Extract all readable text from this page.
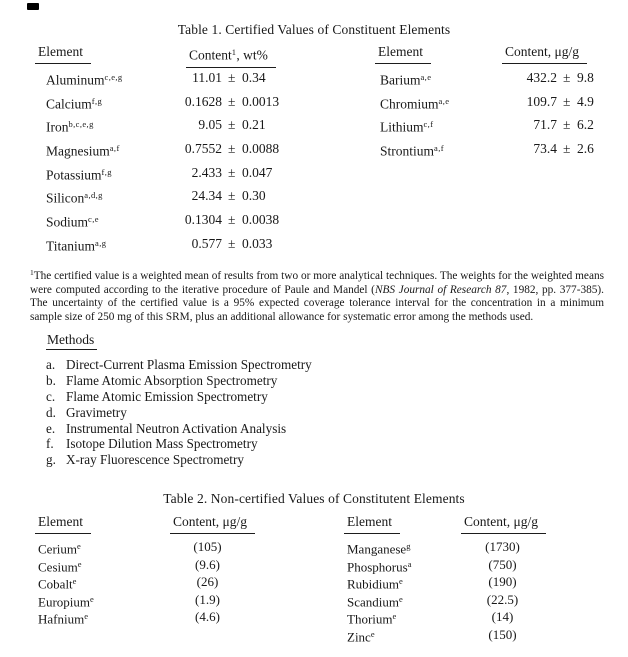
Table 1. Certified Values of Constituent Elements
Element	Content$^1$, wt%
Aluminum$^{c,e,g}$	11.01 ± 0.34
Calcium$^{f,g}$	0.1628 ± 0.0013
Iron$^{b,c,e,g}$	9.05 ± 0.21
Magnesium$^{a,f}$	0.7552 ± 0.0088
Potassium$^{f,g}$	2.433 ± 0.047
Silicon$^{a,d,g}$	24.34 ± 0.30
Sodium$^{c,e}$	0.1304 ± 0.0038
Titanium$^{a,g}$	0.577 ± 0.033
Element	Content, μg/g
Barium$^{a,e}$	432.2 ± 9.8
Chromium$^{a,e}$	109.7 ± 4.9
Lithium$^{c,f}$	71.7 ± 6.2
Strontium$^{a,f}$	73.4 ± 2.6

$^1$The certified value is a weighted mean of results from two or more analytical techniques. The weights for the weighted means were computed according to the iterative procedure of Paule and Mandel (NBS Journal of Research 87, 1982, pp. 377-385). The uncertainty of the certified value is a 95% expected coverage tolerance interval for the concentration in a minimum sample size of 250 mg of this SRM, plus an additional allowance for systematic error among the methods used.

Methods
a. Direct-Current Plasma Emission Spectrometry
b. Flame Atomic Absorption Spectrometry
c. Flame Atomic Emission Spectrometry
d. Gravimetry
e. Instrumental Neutron Activation Analysis
f. Isotope Dilution Mass Spectrometry
g. X-ray Fluorescence Spectrometry
Table 2. Non-certified Values of Constitutent Elements
Element	Content, μg/g
Cerium$^e$	(105)
Cesium$^e$	(9.6)
Cobalt$^e$	(26)
Europium$^e$	(1.9)
Hafnium$^e$	(4.6)
Element	Content, μg/g
Manganese$^g$	(1730)
Phosphorus$^a$	(750)
Rubidium$^e$	(190)
Scandium$^e$	(22.5)
Thorium$^e$	(14)
Zinc$^e$	(150)
